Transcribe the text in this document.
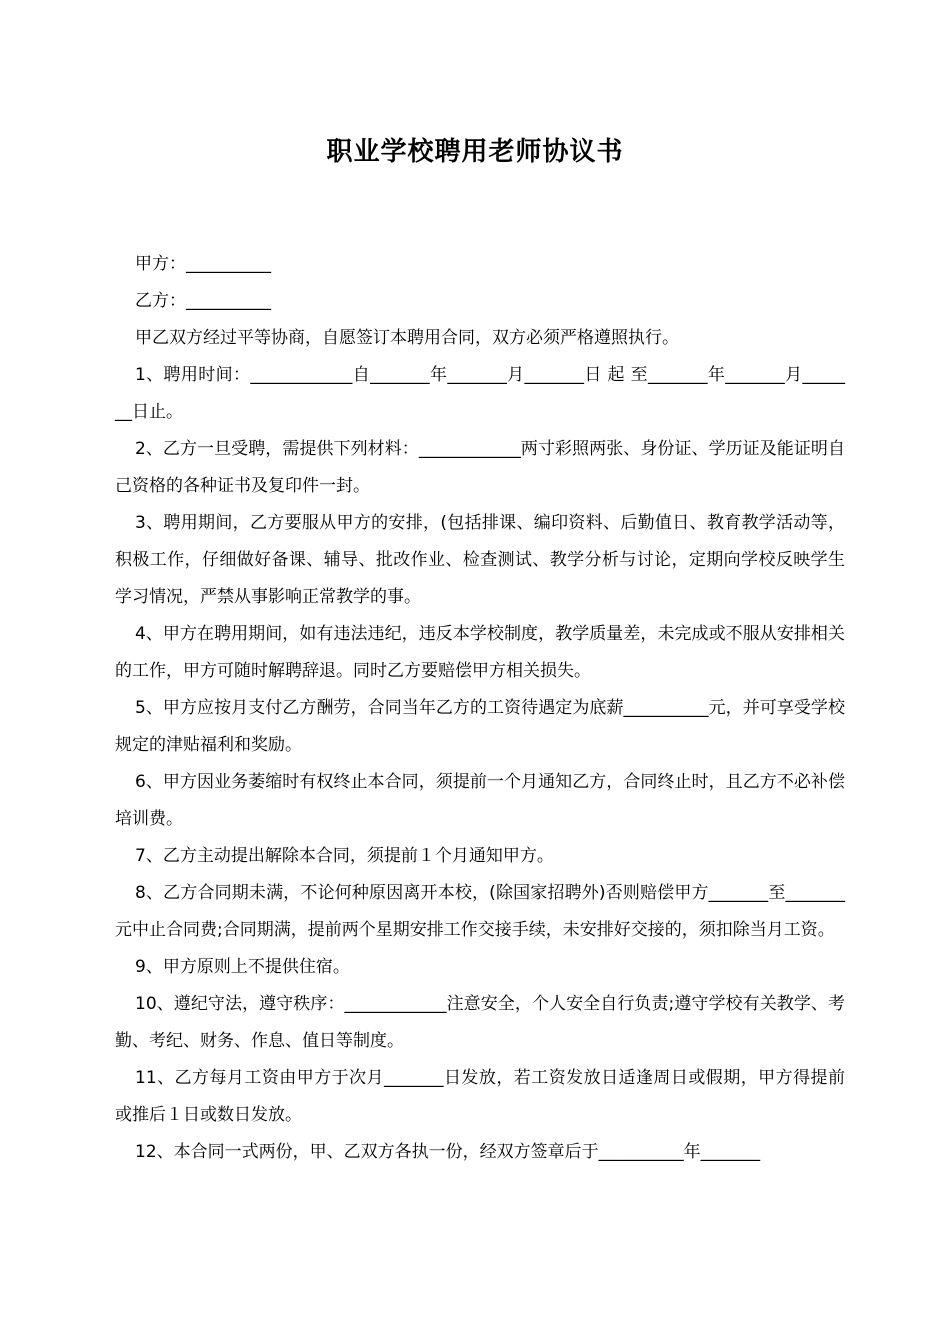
职业学校聘用老师协议书

甲方：__________

乙方：__________

甲乙双方经过平等协商，自愿签订本聘用合同，双方必须严格遵照执行。

1、聘用时间：____________自_______年_______月_______日 起 至_______年_______月_______日止。

2、乙方一旦受聘，需提供下列材料：____________两寸彩照两张、身份证、学历证及能证明自己资格的各种证书及复印件一封。

3、聘用期间，乙方要服从甲方的安排，(包括排课、编印资料、后勤值日、教育教学活动等，积极工作，仔细做好备课、辅导、批改作业、检查测试、教学分析与讨论，定期向学校反映学生学习情况，严禁从事影响正常教学的事。

4、甲方在聘用期间，如有违法违纪，违反本学校制度，教学质量差，未完成或不服从安排相关的工作，甲方可随时解聘辞退。同时乙方要赔偿甲方相关损失。

5、甲方应按月支付乙方酬劳，合同当年乙方的工资待遇定为底薪__________元，并可享受学校规定的津贴福利和奖励。

6、甲方因业务萎缩时有权终止本合同，须提前一个月通知乙方，合同终止时，且乙方不必补偿培训费。

7、乙方主动提出解除本合同，须提前１个月通知甲方。

8、乙方合同期未满，不论何种原因离开本校，(除国家招聘外)否则赔偿甲方_______至_______元中止合同费;合同期满，提前两个星期安排工作交接手续，未安排好交接的，须扣除当月工资。

9、甲方原则上不提供住宿。

10、遵纪守法，遵守秩序：____________注意安全，个人安全自行负责;遵守学校有关教学、考勤、考纪、财务、作息、值日等制度。

11、乙方每月工资由甲方于次月_______日发放，若工资发放日适逢周日或假期，甲方得提前或推后１日或数日发放。

12、本合同一式两份，甲、乙双方各执一份，经双方签章后于__________年_______
